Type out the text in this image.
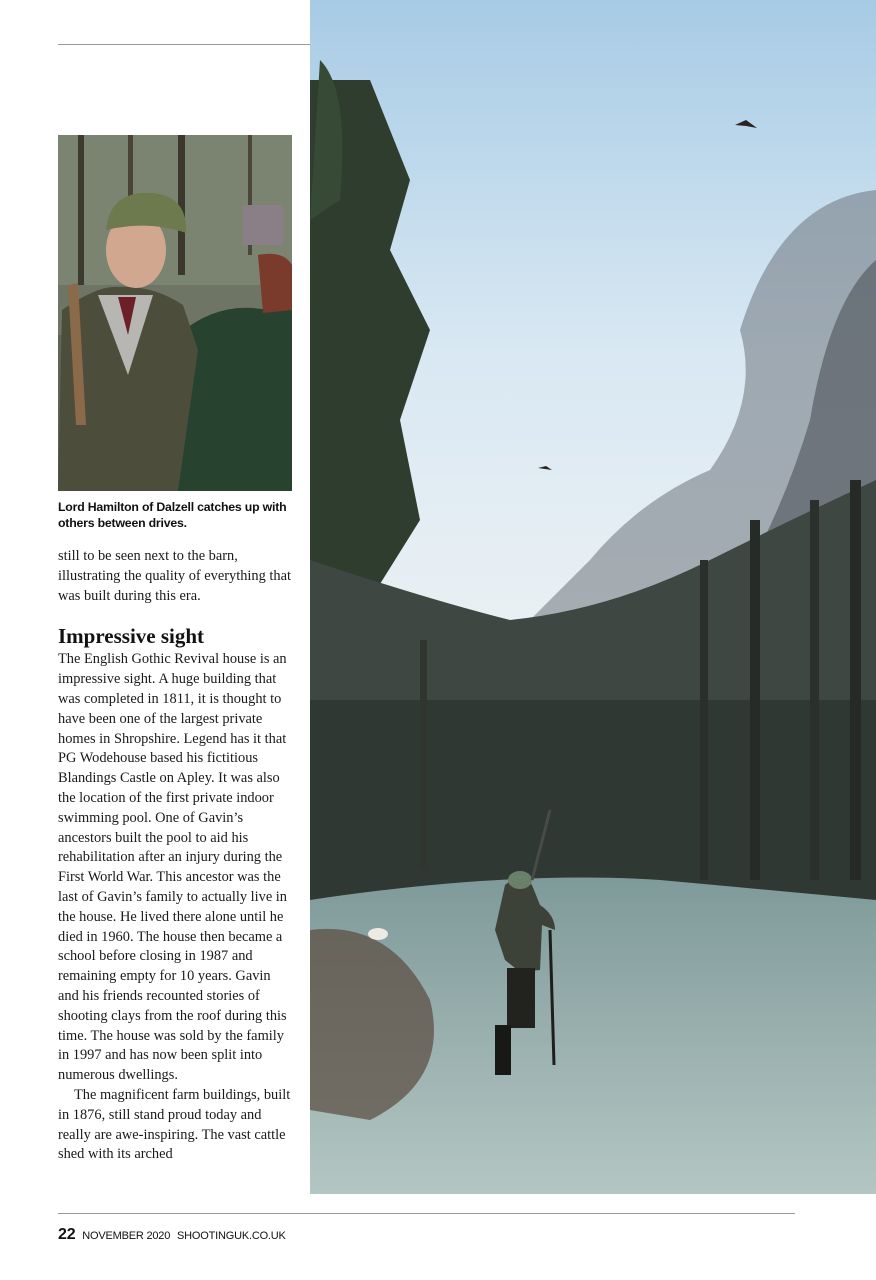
Lord Hamilton of Dalzell catches up with others between drives.

still to be seen next to the barn, illustrating the quality of everything that was built during this era.

Impressive sight

The English Gothic Revival house is an impressive sight. A huge building that was completed in 1811, it is thought to have been one of the largest private homes in Shropshire. Legend has it that PG Wodehouse based his fictitious Blandings Castle on Apley. It was also the location of the first private indoor swimming pool. One of Gavin’s ancestors built the pool to aid his rehabilitation after an injury during the First World War. This ancestor was the last of Gavin’s family to actually live in the house. He lived there alone until he died in 1960. The house then became a school before closing in 1987 and remaining empty for 10 years. Gavin and his friends recounted stories of shooting clays from the roof during this time. The house was sold by the family in 1997 and has now been split into numerous dwellings.

The magnificent farm buildings, built in 1876, still stand proud today and really are awe-inspiring. The vast cattle shed with its arched

22 NOVEMBER 2020 SHOOTINGUK.CO.UK
